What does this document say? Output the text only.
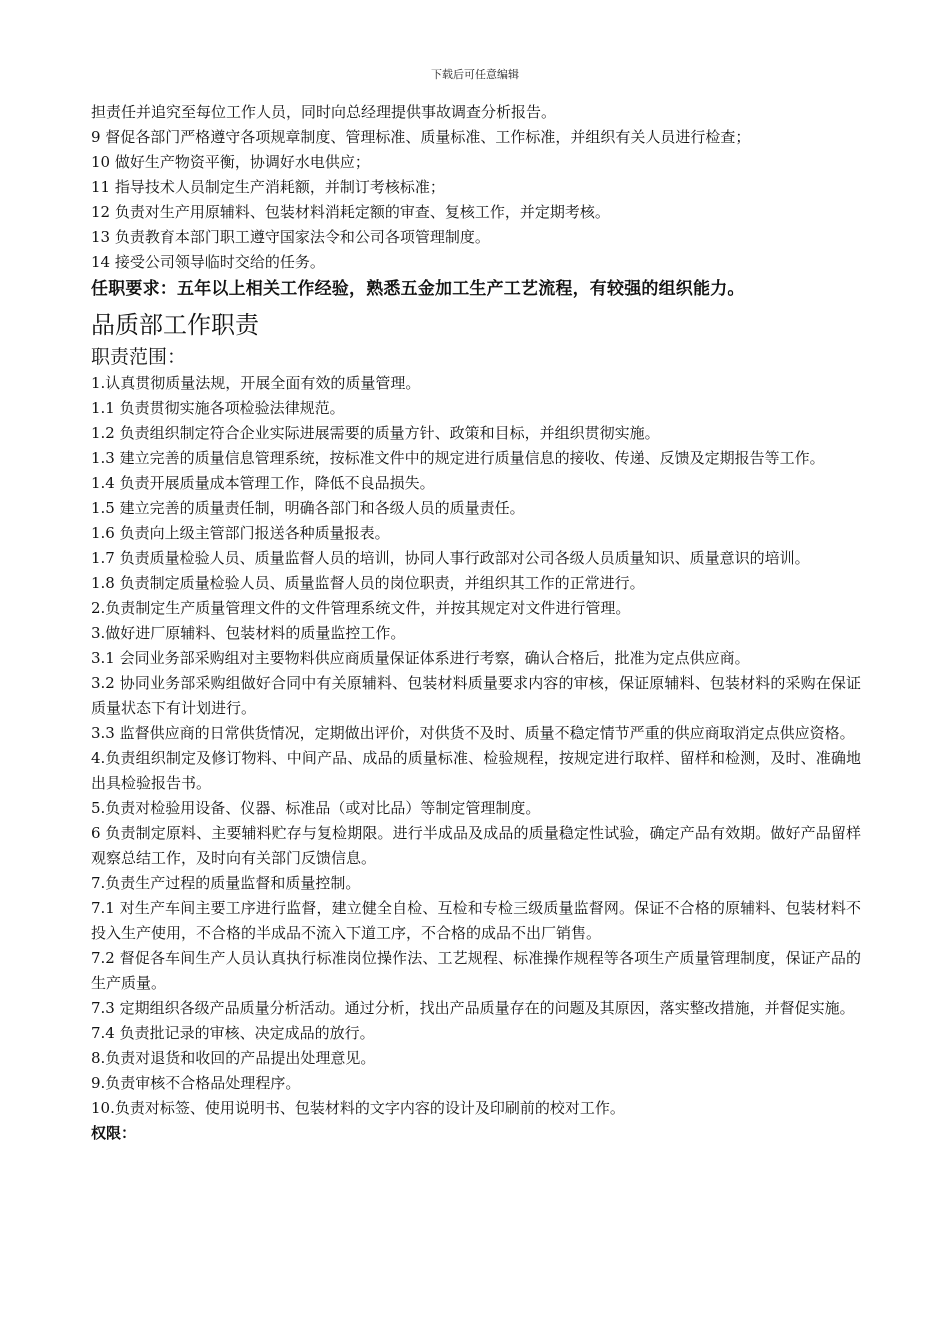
下载后可任意编辑

担责任并追究至每位工作人员，同时向总经理提供事故调查分析报告。

9 督促各部门严格遵守各项规章制度、管理标准、质量标准、工作标准，并组织有关人员进行检查；

10 做好生产物资平衡，协调好水电供应；

11 指导技术人员制定生产消耗额，并制订考核标准；

12 负责对生产用原辅料、包装材料消耗定额的审查、复核工作，并定期考核。

13 负责教育本部门职工遵守国家法令和公司各项管理制度。

14 接受公司领导临时交给的任务。

任职要求：五年以上相关工作经验，熟悉五金加工生产工艺流程，有较强的组织能力。

品质部工作职责
职责范围：

1.认真贯彻质量法规，开展全面有效的质量管理。

1.1 负责贯彻实施各项检验法律规范。

1.2 负责组织制定符合企业实际进展需要的质量方针、政策和目标，并组织贯彻实施。

1.3 建立完善的质量信息管理系统，按标准文件中的规定进行质量信息的接收、传递、反馈及定期报告等工作。

1.4 负责开展质量成本管理工作，降低不良品损失。

1.5 建立完善的质量责任制，明确各部门和各级人员的质量责任。

1.6 负责向上级主管部门报送各种质量报表。

1.7 负责质量检验人员、质量监督人员的培训，协同人事行政部对公司各级人员质量知识、质量意识的培训。

1.8 负责制定质量检验人员、质量监督人员的岗位职责，并组织其工作的正常进行。

2.负责制定生产质量管理文件的文件管理系统文件，并按其规定对文件进行管理。

3.做好进厂原辅料、包装材料的质量监控工作。

3.1 会同业务部采购组对主要物料供应商质量保证体系进行考察，确认合格后，批准为定点供应商。

3.2 协同业务部采购组做好合同中有关原辅料、包装材料质量要求内容的审核，保证原辅料、包装材料的采购在保证质量状态下有计划进行。

3.3 监督供应商的日常供货情况，定期做出评价，对供货不及时、质量不稳定情节严重的供应商取消定点供应资格。

4.负责组织制定及修订物料、中间产品、成品的质量标准、检验规程，按规定进行取样、留样和检测，及时、准确地出具检验报告书。

5.负责对检验用设备、仪器、标准品（或对比品）等制定管理制度。

6 负责制定原料、主要辅料贮存与复检期限。进行半成品及成品的质量稳定性试验，确定产品有效期。做好产品留样观察总结工作，及时向有关部门反馈信息。

7.负责生产过程的质量监督和质量控制。

7.1 对生产车间主要工序进行监督，建立健全自检、互检和专检三级质量监督网。保证不合格的原辅料、包装材料不投入生产使用，不合格的半成品不流入下道工序，不合格的成品不出厂销售。

7.2 督促各车间生产人员认真执行标准岗位操作法、工艺规程、标准操作规程等各项生产质量管理制度，保证产品的生产质量。

7.3 定期组织各级产品质量分析活动。通过分析，找出产品质量存在的问题及其原因，落实整改措施，并督促实施。

7.4 负责批记录的审核、决定成品的放行。

8.负责对退货和收回的产品提出处理意见。

9.负责审核不合格品处理程序。

10.负责对标签、使用说明书、包装材料的文字内容的设计及印刷前的校对工作。

权限：
